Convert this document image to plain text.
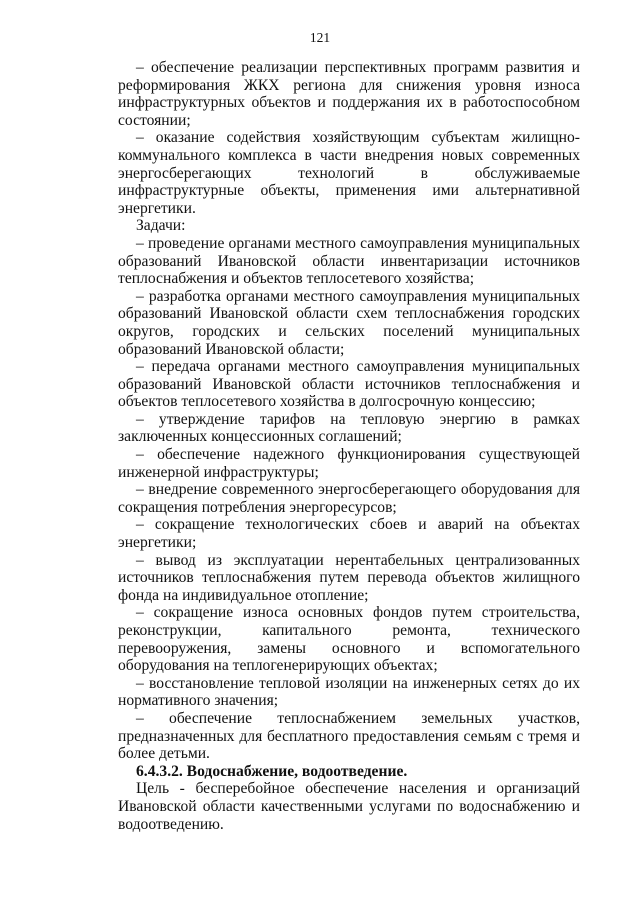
121

– обеспечение реализации перспективных программ развития и реформирования ЖКХ региона для снижения уровня износа инфраструктурных объектов и поддержания их в работоспособном состоянии;

– оказание содействия хозяйствующим субъектам жилищно-коммунального комплекса в части внедрения новых современных энергосберегающих технологий в обслуживаемые инфраструктурные объекты, применения ими альтернативной энергетики.

Задачи:

– проведение органами местного самоуправления муниципальных образований Ивановской области инвентаризации источников теплоснабжения и объектов теплосетевого хозяйства;

– разработка органами местного самоуправления муниципальных образований Ивановской области схем теплоснабжения городских округов, городских и сельских поселений муниципальных образований Ивановской области;

– передача органами местного самоуправления муниципальных образований Ивановской области источников теплоснабжения и объектов теплосетевого хозяйства в долгосрочную концессию;

– утверждение тарифов на тепловую энергию в рамках заключенных концессионных соглашений;

– обеспечение надежного функционирования существующей инженерной инфраструктуры;

– внедрение современного энергосберегающего оборудования для сокращения потребления энергоресурсов;

– сокращение технологических сбоев и аварий на объектах энергетики;

– вывод из эксплуатации нерентабельных централизованных источников теплоснабжения путем перевода объектов жилищного фонда на индивидуальное отопление;

– сокращение износа основных фондов путем строительства, реконструкции, капитального ремонта, технического перевооружения, замены основного и вспомогательного оборудования на теплогенерирующих объектах;

– восстановление тепловой изоляции на инженерных сетях до их нормативного значения;

– обеспечение теплоснабжением земельных участков, предназначенных для бесплатного предоставления семьям с тремя и более детьми.

6.4.3.2. Водоснабжение, водоотведение.

Цель - бесперебойное обеспечение населения и организаций Ивановской области качественными услугами по водоснабжению и водоотведению.
